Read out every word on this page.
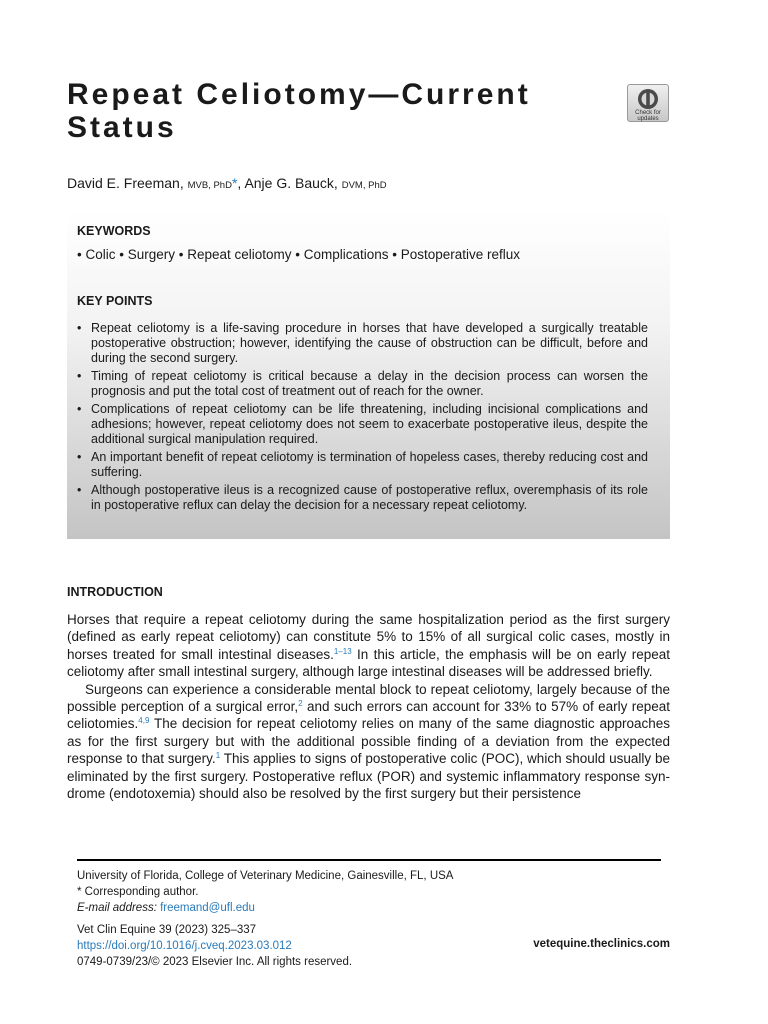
Repeat Celiotomy—Current Status	Check for
updates
David E. Freeman, MVB, PhD*, Anje G. Bauck, DVM, PhD
KEYWORDS
• Colic • Surgery • Repeat celiotomy • Complications • Postoperative reflux
KEY POINTS
• Repeat celiotomy is a life-saving procedure in horses that have developed a surgically treatable postoperative obstruction; however, identifying the cause of obstruction can be difficult, before and during the second surgery.
• Timing of repeat celiotomy is critical because a delay in the decision process can worsen the prognosis and put the total cost of treatment out of reach for the owner.
• Complications of repeat celiotomy can be life threatening, including incisional complications and adhesions; however, repeat celiotomy does not seem to exacerbate postoperative ileus, despite the additional surgical manipulation required.
• An important benefit of repeat celiotomy is termination of hopeless cases, thereby reducing cost and suffering.
• Although postoperative ileus is a recognized cause of postoperative reflux, overemphasis of its role in postoperative reflux can delay the decision for a necessary repeat celiotomy.
INTRODUCTION

Horses that require a repeat celiotomy during the same hospitalization period as the first surgery (defined as early repeat celiotomy) can constitute 5% to 15% of all surgical colic cases, mostly in horses treated for small intestinal diseases.$^{1-13}$ In this article, the emphasis will be on early repeat celiotomy after small intestinal surgery, although large intestinal diseases will be addressed briefly.

Surgeons can experience a considerable mental block to repeat celiotomy, largely because of the possible perception of a surgical error,$^2$ and such errors can account for 33% to 57% of early repeat celiotomies.$^{4,9}$ The decision for repeat celiotomy relies on many of the same diagnostic approaches as for the first surgery but with the additional possible finding of a deviation from the expected response to that surgery.$^1$ This applies to signs of postoperative colic (POC), which should usually be eliminated by the first surgery. Postoperative reflux (POR) and systemic inflammatory response syndrome (endotoxemia) should also be resolved by the first surgery but their persistence

University of Florida, College of Veterinary Medicine, Gainesville, FL, USA
* Corresponding author.
E-mail address: freemand@ufl.edu
Vet Clin Equine 39 (2023) 325–337
https://doi.org/10.1016/j.cveq.2023.03.012
0749-0739/23/© 2023 Elsevier Inc. All rights reserved.
vetequine.theclinics.com
